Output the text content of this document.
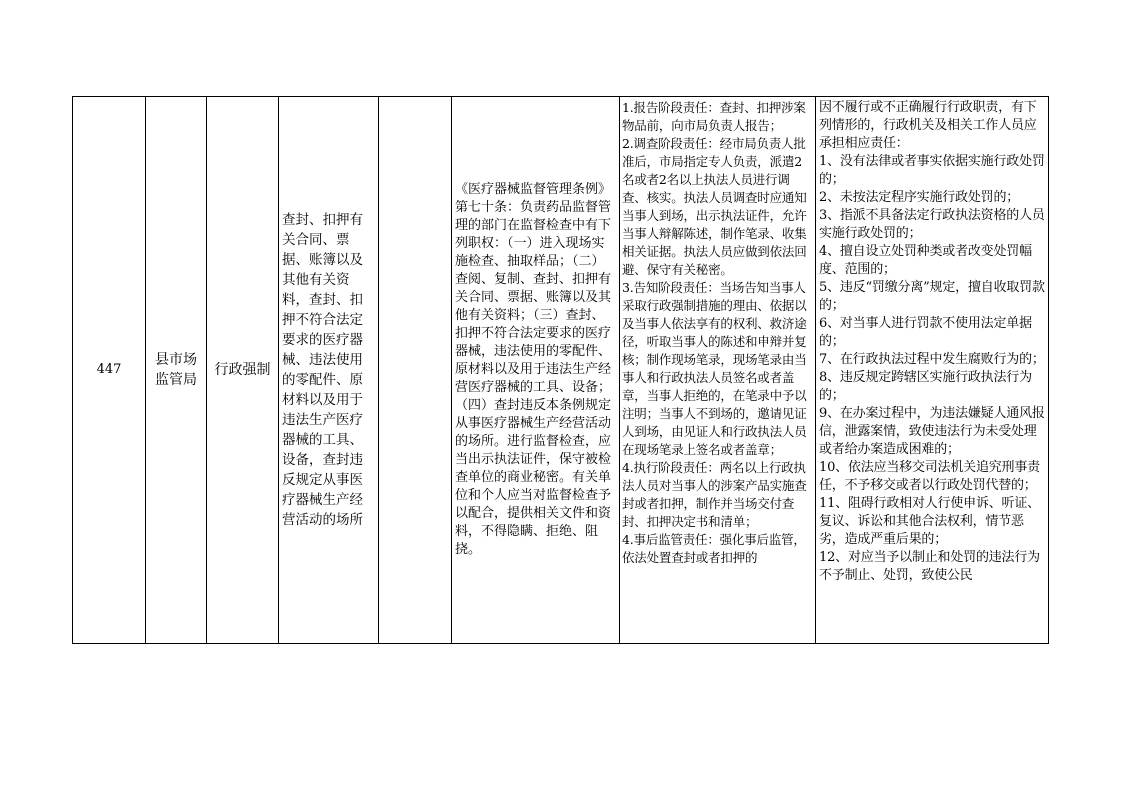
447
县市场
监管局
行政强制
查封、扣押有关合同、票据、账簿以及其他有关资料，查封、扣押不符合法定要求的医疗器械、违法使用的零配件、原材料以及用于违法生产医疗器械的工具、设备，查封违反规定从事医疗器械生产经营活动的场所
《医疗器械监督管理条例》第七十条：负责药品监督管理的部门在监督检查中有下列职权：（一）进入现场实施检查、抽取样品；（二）查阅、复制、查封、扣押有关合同、票据、账簿以及其他有关资料；（三）查封、扣押不符合法定要求的医疗器械，违法使用的零配件、原材料以及用于违法生产经营医疗器械的工具、设备；（四）查封违反本条例规定从事医疗器械生产经营活动的场所。进行监督检查，应当出示执法证件，保守被检查单位的商业秘密。有关单位和个人应当对监督检查予以配合，提供相关文件和资料，不得隐瞒、拒绝、阻挠。
1.报告阶段责任：查封、扣押涉案物品前，向市局负责人报告；
2.调查阶段责任：经市局负责人批准后，市局指定专人负责，派遣2名或者2名以上执法人员进行调查、核实。执法人员调查时应通知当事人到场，出示执法证件，允许当事人辩解陈述，制作笔录、收集相关证据。执法人员应做到依法回避、保守有关秘密。
3.告知阶段责任：当场告知当事人采取行政强制措施的理由、依据以及当事人依法享有的权利、救济途径，听取当事人的陈述和申辩并复核；制作现场笔录，现场笔录由当事人和行政执法人员签名或者盖章，当事人拒绝的，在笔录中予以注明；当事人不到场的，邀请见证人到场，由见证人和行政执法人员在现场笔录上签名或者盖章；
4.执行阶段责任：两名以上行政执法人员对当事人的涉案产品实施查封或者扣押，制作并当场交付查封、扣押决定书和清单；
4.事后监管责任：强化事后监管，依法处置查封或者扣押的
因不履行或不正确履行行政职责，有下列情形的，行政机关及相关工作人员应承担相应责任：
1、没有法律或者事实依据实施行政处罚的；
2、未按法定程序实施行政处罚的；
3、指派不具备法定行政执法资格的人员实施行政处罚的；
4、擅自设立处罚种类或者改变处罚幅度、范围的；
5、违反“罚缴分离”规定，擅自收取罚款的；
6、对当事人进行罚款不使用法定单据的；
7、在行政执法过程中发生腐败行为的；
8、违反规定跨辖区实施行政执法行为的；
9、在办案过程中，为违法嫌疑人通风报信，泄露案情，致使违法行为未受处理或者给办案造成困难的；
10、依法应当移交司法机关追究刑事责任，不予移交或者以行政处罚代替的；
11、阻碍行政相对人行使申诉、听证、复议、诉讼和其他合法权利，情节恶劣，造成严重后果的；
12、对应当予以制止和处罚的违法行为不予制止、处罚，致使公民
